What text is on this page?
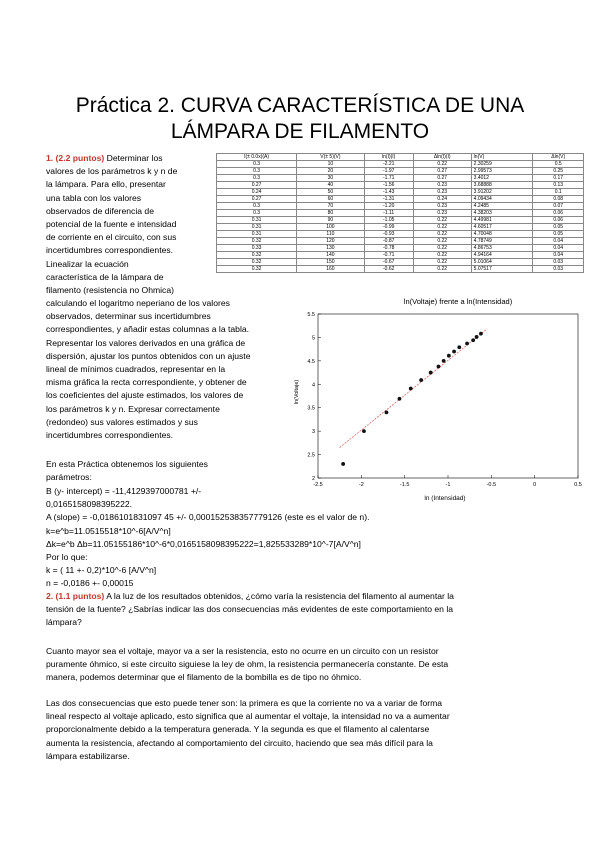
Práctica 2. CURVA CARACTERÍSTICA DE UNA
LÁMPARA DE FILAMENTO
1. (2.2 puntos) Determinar los
valores de los parámetros k y n de
la lámpara. Para ello, presentar
una tabla con los valores
observados de diferencia de
potencial de la fuente e intensidad
de corriente en el circuito, con sus
incertidumbres correspondientes.
Linealizar la ecuación
característica de la lámpara de
filamento (resistencia no Ohmica)
calculando el logaritmo neperiano de los valores
observados, determinar sus incertidumbres
correspondientes, y añadir estas columnas a la tabla.
Representar los valores derivados en una gráfica de
dispersión, ajustar los puntos obtenidos con un ajuste
lineal de mínimos cuadrados, representar en la
misma gráfica la recta correspondiente, y obtener de
los coeficientes del ajuste estimados, los valores de
los parámetros k y n. Expresar correctamente
(redondeo) sus valores estimados y sus
incertidumbres correspondientes.
I(± 0.0x)(A)	V(± 5)(V)	ln(I)(I)	Δln(I)(I)	ln(V)	Δln(V)
0.3	10	-2.21	0.22	2.30259	0.5
0.3	20	-1.97	0.27	2.99573	0.25
0.3	30	-1.71	0.27	3.4012	0.17
0.27	40	-1.56	0.23	3.68888	0.13
0.24	50	-1.43	0.23	3.91202	0.1
0.27	60	-1.31	0.24	4.09434	0.08
0.3	70	-1.20	0.23	4.2485	0.07
0.3	80	-1.11	0.23	4.38203	0.06
0.31	90	-1.05	0.22	4.49981	0.06
0.31	100	-0.99	0.22	4.60517	0.05
0.31	110	-0.93	0.22	4.70048	0.05
0.32	120	-0.87	0.22	4.78749	0.04
0.33	130	-0.78	0.22	4.86753	0.04
0.32	140	-0.71	0.22	4.94164	0.04
0.32	150	-0.67	0.22	5.01064	0.03
0.32	160	-0.62	0.22	5.07517	0.03
ln(Voltaje) frente a ln(Intensidad)
ln (Intensidad)
ln(Voltaje)
-2.5	-2	-1.5	-1	-0.5	0	0.5
2
2.5
3
3.5
4
4.5
5
5.5
En esta Práctica obtenemos los siguientes
parámetros:
B (y- intercept) = -11,4129397000781 +/-
0,0165158098395222.
A (slope) = -0,0186101831097 45 +/- 0,000152538357779126 (este es el valor de n).
k=e^b=11.0515518*10^-6[A/V^n]
Δk=e^b Δb=11.05155186*10^-6*0,0165158098395222=1,825533289*10^-7[A/V^n]
Por lo que:
k = ( 11 +- 0,2)*10^-6 [A/V^n]
n = -0,0186 +- 0,00015
2. (1.1 puntos) A la luz de los resultados obtenidos, ¿cómo varía la resistencia del filamento al aumentar la
tensión de la fuente? ¿Sabrías indicar las dos consecuencias más evidentes de este comportamiento en la
lámpara?
Cuanto mayor sea el voltaje, mayor va a ser la resistencia, esto no ocurre en un circuito con un resistor
puramente óhmico, si este circuito siguiese la ley de ohm, la resistencia permanecería constante. De esta
manera, podemos determinar que el filamento de la bombilla es de tipo no óhmico.
Las dos consecuencias que esto puede tener son: la primera es que la corriente no va a variar de forma
lineal respecto al voltaje aplicado, esto significa que al aumentar el voltaje, la intensidad no va a aumentar
proporcionalmente debido a la temperatura generada. Y la segunda es que el filamento al calentarse
aumenta la resistencia, afectando al comportamiento del circuito, haciendo que sea más difícil para la
lámpara estabilizarse.
